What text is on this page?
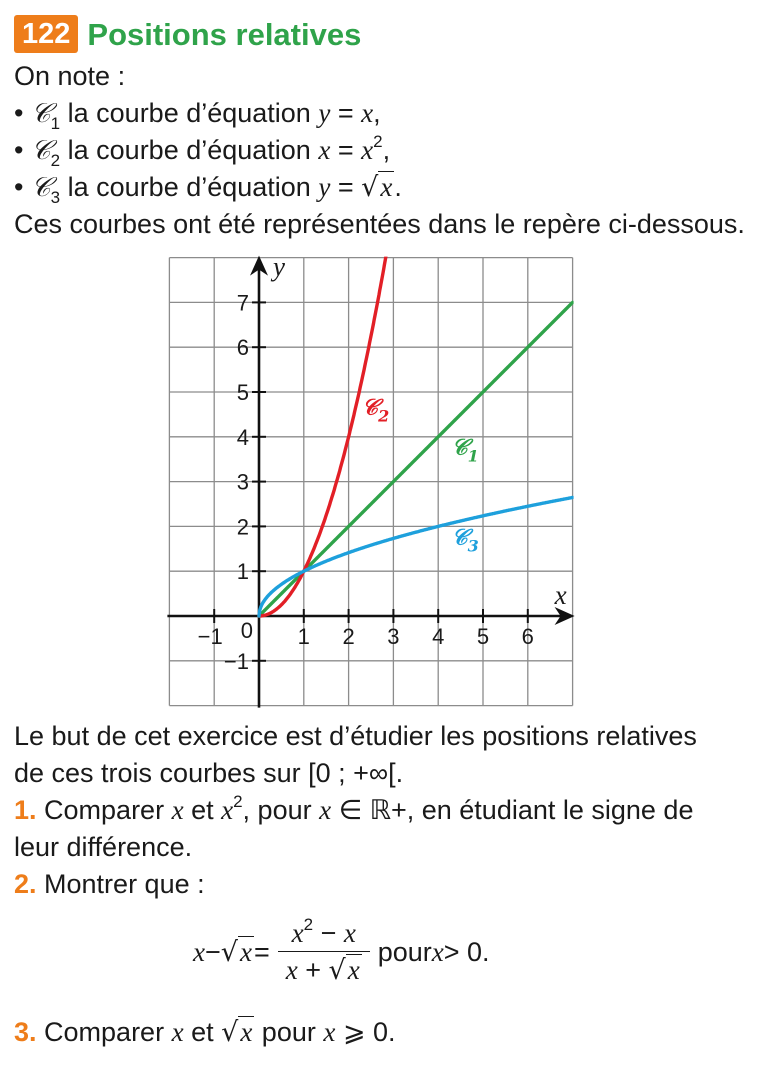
122 Positions relatives
On note :
• 𝒞$_1$ la courbe d’équation y = x,
• 𝒞$_2$ la courbe d’équation $x = x^2$,
• 𝒞$_3$ la courbe d’équation y = √x.
Ces courbes ont été représentées dans le repère ci-dessous.
−1	1 2 3 4 5 6
−1
1
2
3
4
5
6
7
0
x
y
𝒞$_1$
𝒞$_2$
𝒞$_3$
Le but de cet exercice est d’étudier les positions relatives
de ces trois courbes sur [0 ; +∞[.
1. Comparer x et $x^2$, pour x ∈ ℝ+, en étudiant le signe de
leur différence.
2. Montrer que :
$x - √x = \frac{x^2 - x}{x + √x}$ pour x > 0.
3. Comparer x et √x pour x ⩾ 0.
